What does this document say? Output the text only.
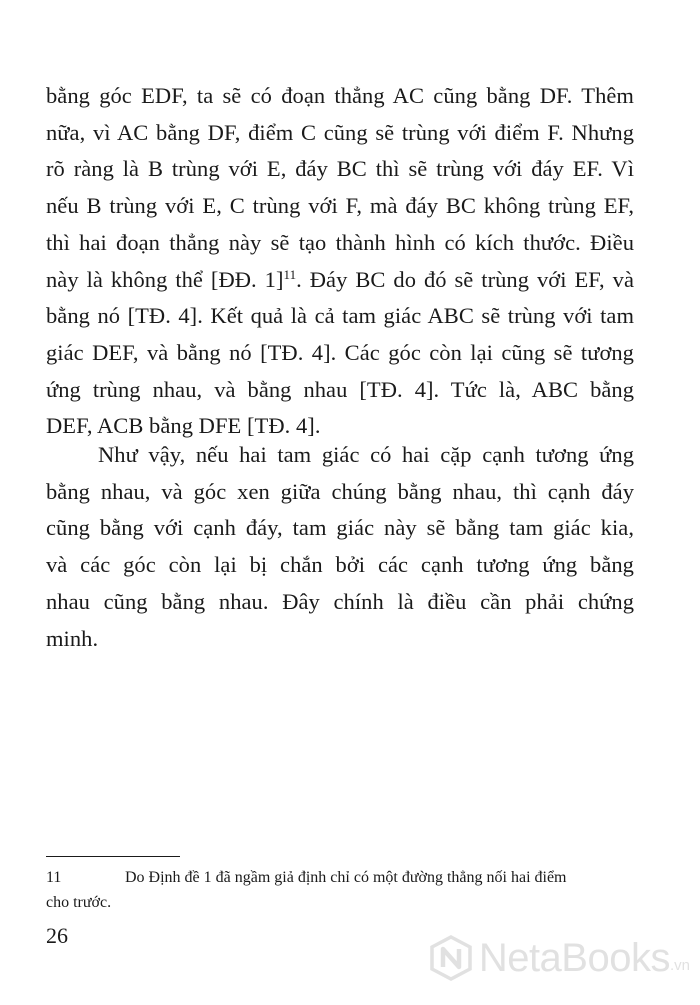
bằng góc EDF, ta sẽ có đoạn thẳng AC cũng bằng DF. Thêm
nữa, vì AC bằng DF, điểm C cũng sẽ trùng với điểm F. Nhưng
rõ ràng là B trùng với E, đáy BC thì sẽ trùng với đáy EF. Vì
nếu B trùng với E, C trùng với F, mà đáy BC không trùng EF,
thì hai đoạn thẳng này sẽ tạo thành hình có kích thước. Điều
này là không thể [ĐĐ. 1]$^{11}$. Đáy BC do đó sẽ trùng với EF, và
bằng nó [TĐ. 4]. Kết quả là cả tam giác ABC sẽ trùng với tam
giác DEF, và bằng nó [TĐ. 4]. Các góc còn lại cũng sẽ tương
ứng trùng nhau, và bằng nhau [TĐ. 4]. Tức là, ABC bằng
DEF, ACB bằng DFE [TĐ. 4].
Như vậy, nếu hai tam giác có hai cặp cạnh tương ứng
bằng nhau, và góc xen giữa chúng bằng nhau, thì cạnh đáy
cũng bằng với cạnh đáy, tam giác này sẽ bằng tam giác kia,
và các góc còn lại bị chắn bởi các cạnh tương ứng bằng
nhau cũng bằng nhau. Đây chính là điều cần phải chứng
minh.
11	Do Định đề 1 đã ngầm giả định chỉ có một đường thẳng nối hai điểm
cho trước.
26	NetaBooks .vn
